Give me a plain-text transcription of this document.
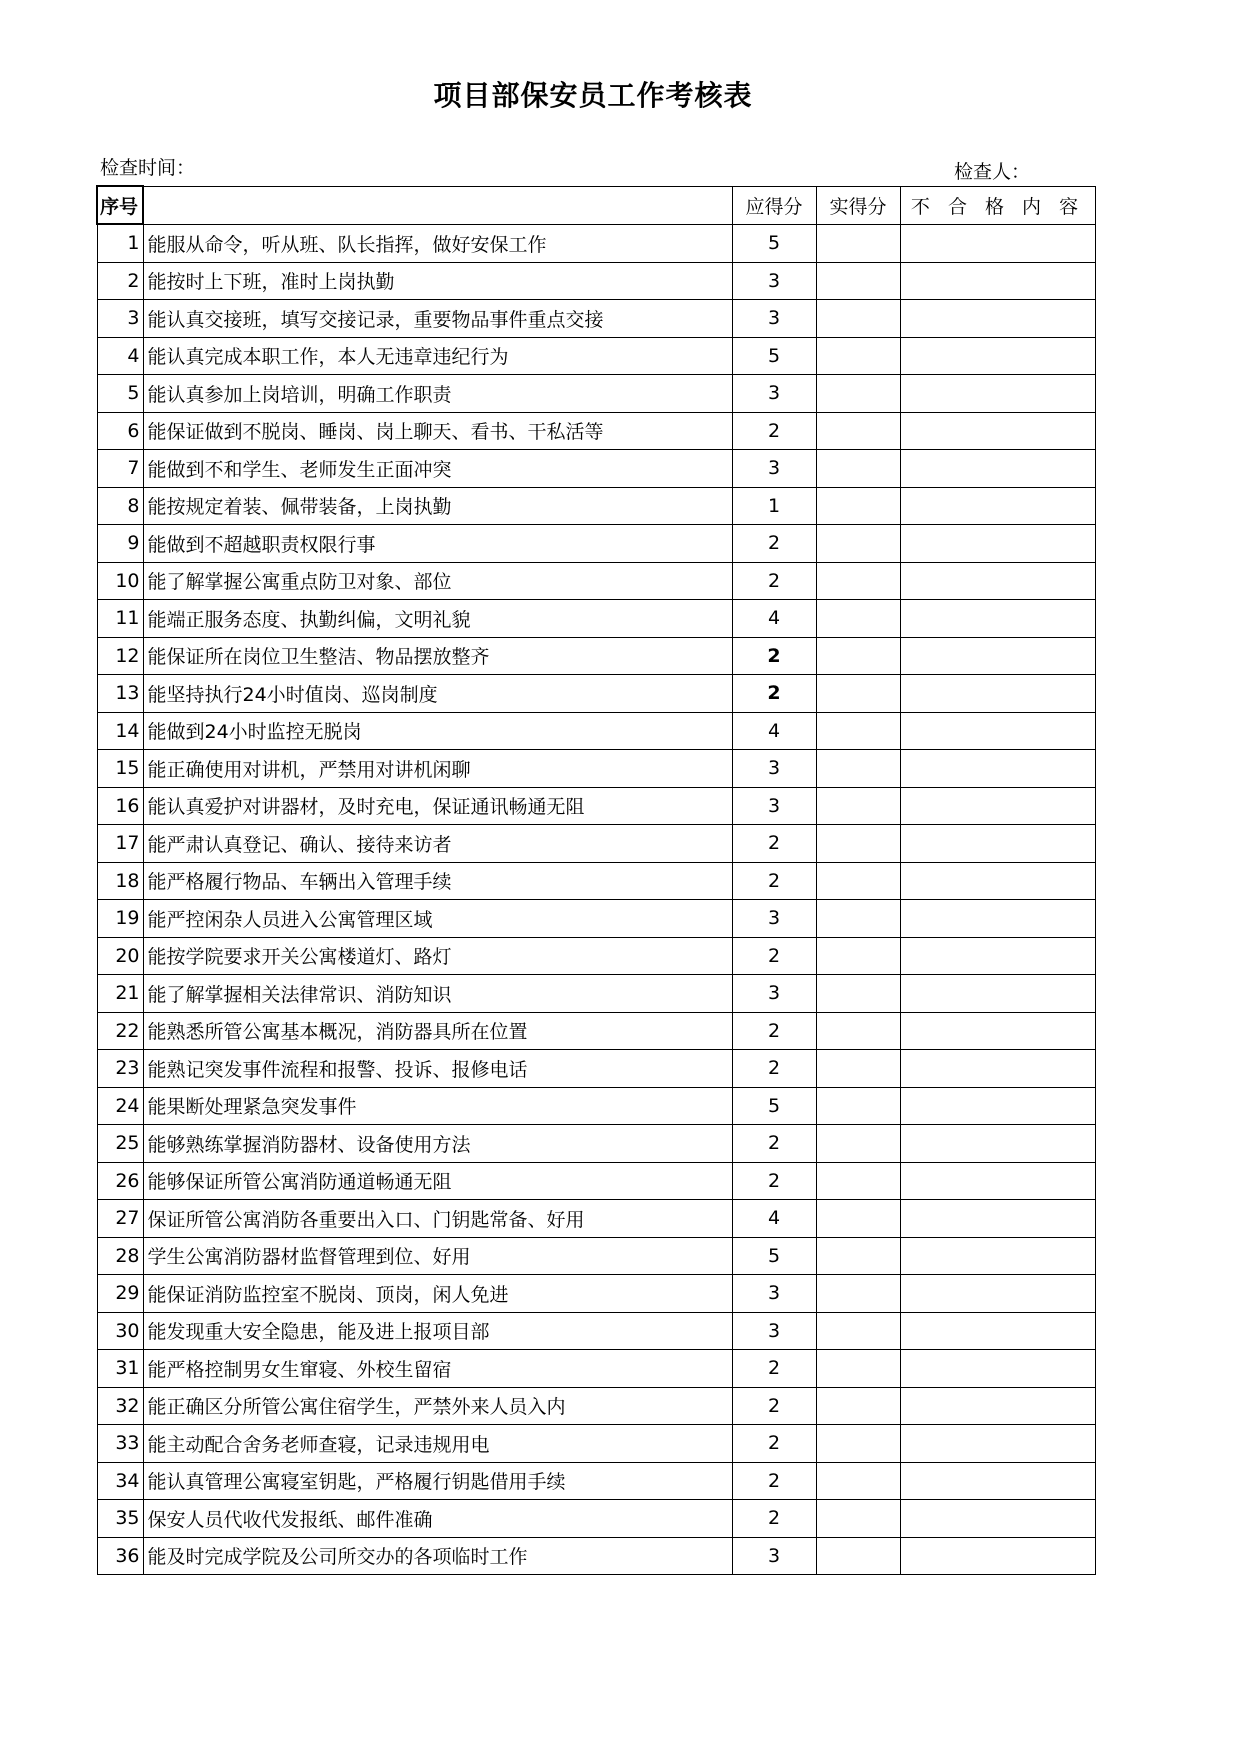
项目部保安员工作考核表
检查时间：	检查人：
序号		应得分	实得分	不 合 格 内 容
1	能服从命令，听从班、队长指挥，做好安保工作	5		
2	能按时上下班，准时上岗执勤	3		
3	能认真交接班，填写交接记录，重要物品事件重点交接	3		
4	能认真完成本职工作，本人无违章违纪行为	5		
5	能认真参加上岗培训，明确工作职责	3		
6	能保证做到不脱岗、睡岗、岗上聊天、看书、干私活等	2		
7	能做到不和学生、老师发生正面冲突	3		
8	能按规定着装、佩带装备，上岗执勤	1		
9	能做到不超越职责权限行事	2		
10	能了解掌握公寓重点防卫对象、部位	2		
11	能端正服务态度、执勤纠偏，文明礼貌	4		
12	能保证所在岗位卫生整洁、物品摆放整齐	2		
13	能坚持执行24小时值岗、巡岗制度	2		
14	能做到24小时监控无脱岗	4		
15	能正确使用对讲机，严禁用对讲机闲聊	3		
16	能认真爱护对讲器材，及时充电，保证通讯畅通无阻	3		
17	能严肃认真登记、确认、接待来访者	2		
18	能严格履行物品、车辆出入管理手续	2		
19	能严控闲杂人员进入公寓管理区域	3		
20	能按学院要求开关公寓楼道灯、路灯	2		
21	能了解掌握相关法律常识、消防知识	3		
22	能熟悉所管公寓基本概况，消防器具所在位置	2		
23	能熟记突发事件流程和报警、投诉、报修电话	2		
24	能果断处理紧急突发事件	5		
25	能够熟练掌握消防器材、设备使用方法	2		
26	能够保证所管公寓消防通道畅通无阻	2		
27	保证所管公寓消防各重要出入口、门钥匙常备、好用	4		
28	学生公寓消防器材监督管理到位、好用	5		
29	能保证消防监控室不脱岗、顶岗，闲人免进	3		
30	能发现重大安全隐患，能及进上报项目部	3		
31	能严格控制男女生窜寝、外校生留宿	2		
32	能正确区分所管公寓住宿学生，严禁外来人员入内	2		
33	能主动配合舍务老师查寝，记录违规用电	2		
34	能认真管理公寓寝室钥匙，严格履行钥匙借用手续	2		
35	保安人员代收代发报纸、邮件准确	2		
36	能及时完成学院及公司所交办的各项临时工作	3		
